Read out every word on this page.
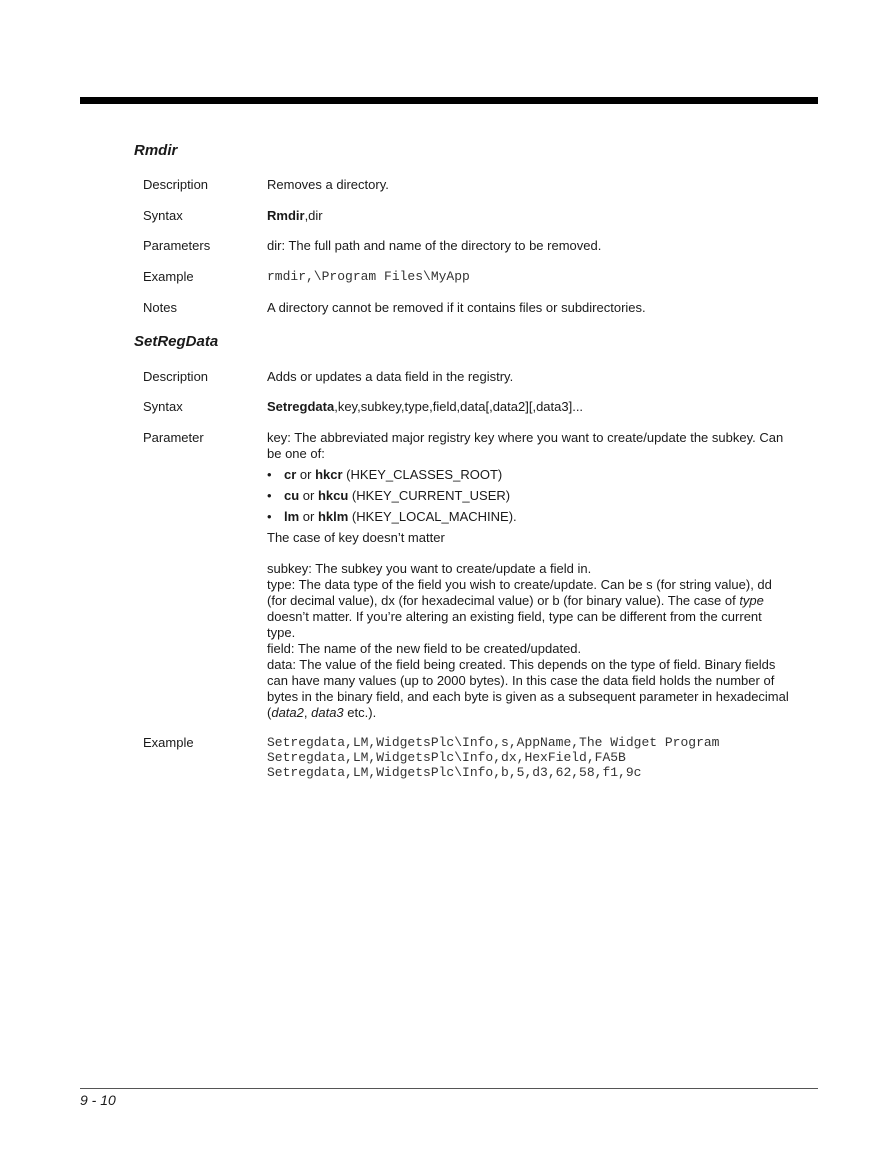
Rmdir
Description	Removes a directory.
Syntax	Rmdir,dir
Parameters	dir: The full path and name of the directory to be removed.
Example	rmdir,\Program Files\MyApp
Notes	A directory cannot be removed if it contains files or subdirectories.
SetRegData
Description	Adds or updates a data field in the registry.
Syntax	Setregdata,key,subkey,type,field,data[,data2][,data3]...
Parameter	key: The abbreviated major registry key where you want to create/update the subkey. Can be one of:

• cr or hkcr (HKEY_CLASSES_ROOT)
• cu or hkcu (HKEY_CURRENT_USER)
• lm or hklm (HKEY_LOCAL_MACHINE).

The case of key doesn’t matter

subkey: The subkey you want to create/update a field in.

type: The data type of the field you wish to create/update. Can be s (for string value), dd (for decimal value), dx (for hexadecimal value) or b (for binary value). The case of type doesn’t matter. If you’re altering an existing field, type can be different from the current type.

field: The name of the new field to be created/updated.

data: The value of the field being created. This depends on the type of field. Binary fields can have many values (up to 2000 bytes). In this case the data field holds the number of bytes in the binary field, and each byte is given as a subsequent parameter in hexadecimal (data2, data3 etc.).

Example	Setregdata,LM,WidgetsPlc\Info,s,AppName,The Widget Program
Setregdata,LM,WidgetsPlc\Info,dx,HexField,FA5B
Setregdata,LM,WidgetsPlc\Info,b,5,d3,62,58,f1,9c
9 - 10
